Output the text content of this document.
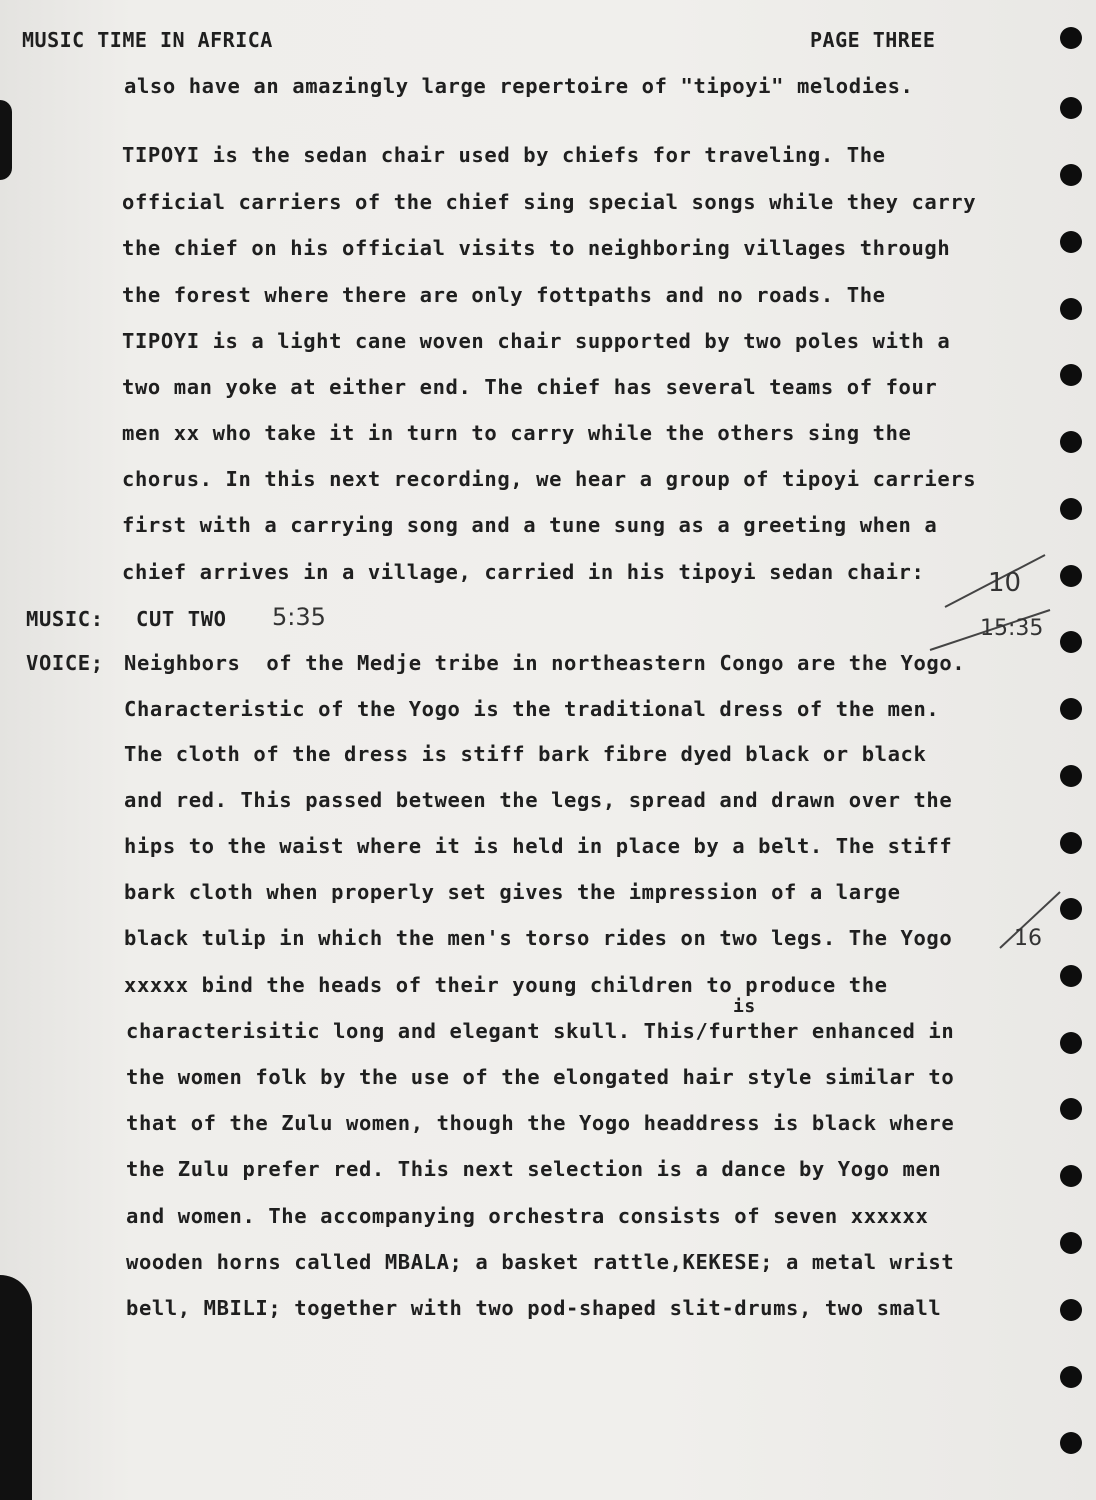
MUSIC TIME IN AFRICA	PAGE THREE
also have an amazingly large repertoire of "tipoyi" melodies.
TIPOYI is the sedan chair used by chiefs for traveling. The
official carriers of the chief sing special songs while they carry
the chief on his official visits to neighboring villages through
the forest where there are only fottpaths and no roads. The
TIPOYI is a light cane woven chair supported by two poles with a
two man yoke at either end. The chief has several teams of four
men xx who take it in turn to carry while the others sing the
chorus. In this next recording, we hear a group of tipoyi carriers
first with a carrying song and a tune sung as a greeting when a
chief arrives in a village, carried in his tipoyi sedan chair:
MUSIC: CUT TWO 5:35
VOICE; Neighbors  of the Medje tribe in northeastern Congo are the Yogo.
Characteristic of the Yogo is the traditional dress of the men.
The cloth of the dress is stiff bark fibre dyed black or black
and red. This passed between the legs, spread and drawn over the
hips to the waist where it is held in place by a belt. The stiff
bark cloth when properly set gives the impression of a large
black tulip in which the men's torso rides on two legs. The Yogo
xxxxx bind the heads of their young children to produce the
is
characterisitic long and elegant skull. This/further enhanced in
the women folk by the use of the elongated hair style similar to
that of the Zulu women, though the Yogo headdress is black where
the Zulu prefer red. This next selection is a dance by Yogo men
and women. The accompanying orchestra consists of seven xxxxxx
wooden horns called MBALA; a basket rattle,KEKESE; a metal wrist
bell, MBILI; together with two pod-shaped slit-drums, two small
10
15:35
16
